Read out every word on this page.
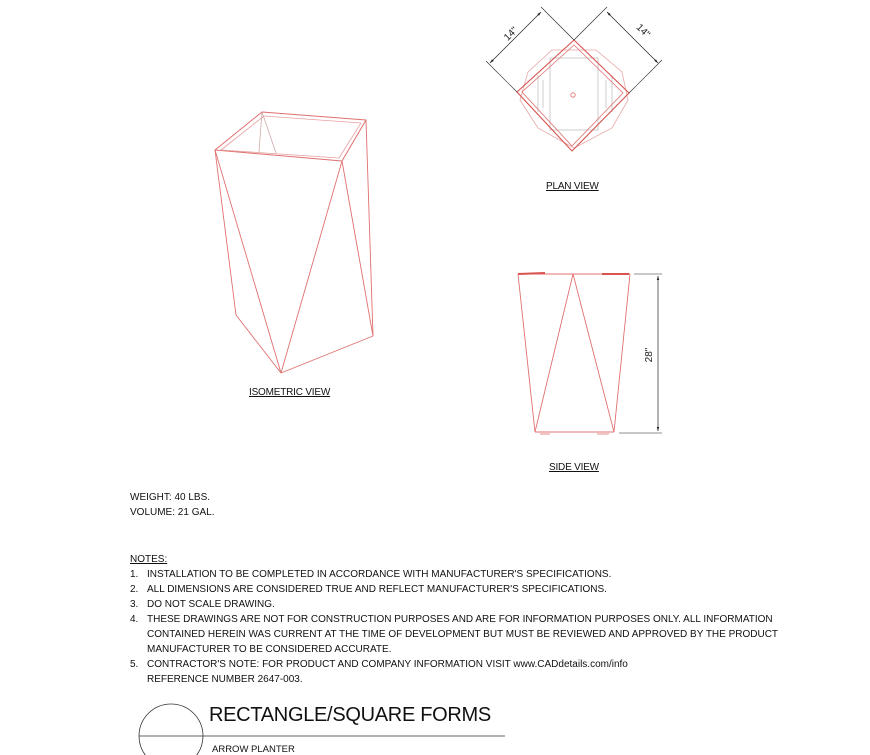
14"	14"
28"
ISOMETRIC VIEW
PLAN VIEW
SIDE VIEW
WEIGHT: 40 LBS.
VOLUME: 21 GAL.
NOTES:
1. INSTALLATION TO BE COMPLETED IN ACCORDANCE WITH MANUFACTURER'S SPECIFICATIONS.
2. ALL DIMENSIONS ARE CONSIDERED TRUE AND REFLECT MANUFACTURER'S SPECIFICATIONS.
3. DO NOT SCALE DRAWING.
4. THESE DRAWINGS ARE NOT FOR CONSTRUCTION PURPOSES AND ARE FOR INFORMATION PURPOSES ONLY. ALL INFORMATION CONTAINED HEREIN WAS CURRENT AT THE TIME OF DEVELOPMENT BUT MUST BE REVIEWED AND APPROVED BY THE PRODUCT MANUFACTURER TO BE CONSIDERED ACCURATE.
5. CONTRACTOR'S NOTE: FOR PRODUCT AND COMPANY INFORMATION VISIT www.CADdetails.com/info REFERENCE NUMBER 2647-003.
RECTANGLE/SQUARE FORMS
ARROW PLANTER
